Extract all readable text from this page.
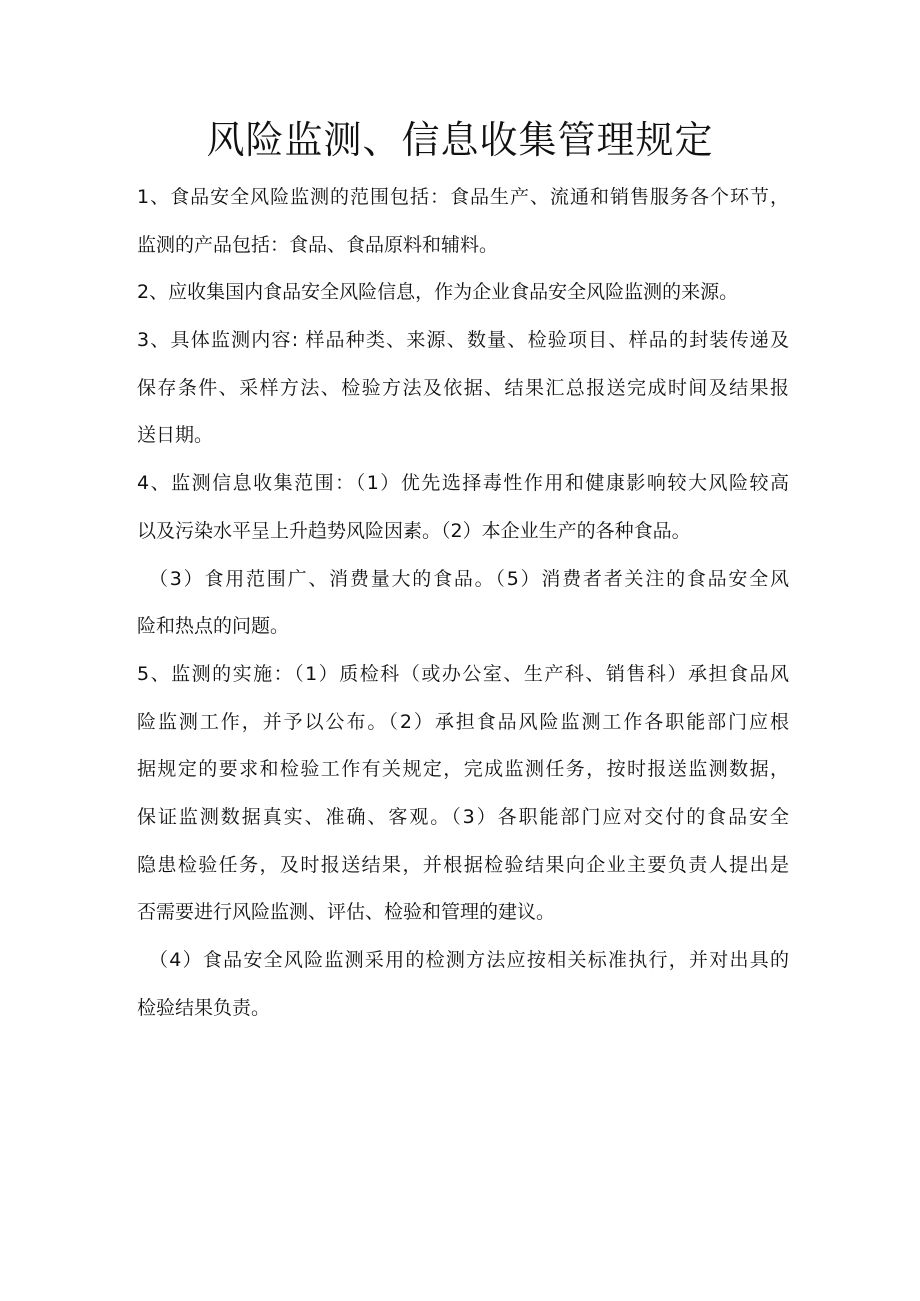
风险监测、信息收集管理规定
1、食品安全风险监测的范围包括：食品生产、流通和销售服务各个环节，
监测的产品包括：食品、食品原料和辅料。
2、应收集国内食品安全风险信息，作为企业食品安全风险监测的来源。
3、具体监测内容: 样品种类、来源、数量、检验项目、样品的封装传递及
保存条件、采样方法、检验方法及依据、结果汇总报送完成时间及结果报
送日期。
4、监测信息收集范围：（1）优先选择毒性作用和健康影响较大风险较高
以及污染水平呈上升趋势风险因素。（2）本企业生产的各种食品。
（3）食用范围广、消费量大的食品。（5）消费者者关注的食品安全风
险和热点的问题。
5、监测的实施：（1）质检科（或办公室、生产科、销售科）承担食品风
险监测工作，并予以公布。（2）承担食品风险监测工作各职能部门应根
据规定的要求和检验工作有关规定，完成监测任务，按时报送监测数据，
保证监测数据真实、准确、客观。（3）各职能部门应对交付的食品安全
隐患检验任务，及时报送结果，并根据检验结果向企业主要负责人提出是
否需要进行风险监测、评估、检验和管理的建议。
（4）食品安全风险监测采用的检测方法应按相关标准执行，并对出具的
检验结果负责。
